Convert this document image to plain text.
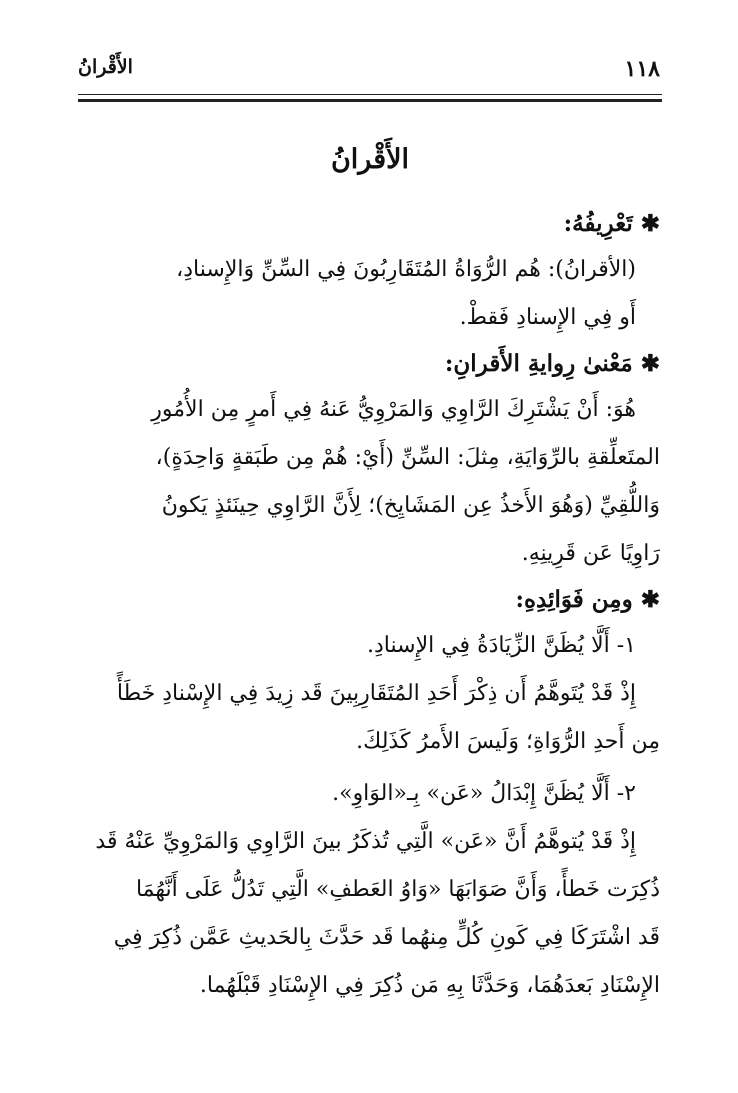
١١٨
الأَقْرانُ
الأَقْرانُ
✱تَعْرِيفُهُ:
(الأقرانُ): هُم الرُّوَاةُ المُتَقَارِبُونَ فِي السِّنِّ وَالإِسنادِ،
أَو فِي الإِسنادِ فَقطْ.
✱مَعْنىٰ رِوايةِ الأَقرانِ:
هُوَ: أَنْ يَشْتَرِكَ الرَّاوِي وَالمَرْوِيُّ عَنهُ فِي أَمرٍ مِن الأُمُورِ
المتَعلِّقةِ بالرِّوَايَةِ، مِثلَ: السِّنِّ (أَيْ: هُمْ مِن طَبَقةٍ وَاحِدَةٍ)،
وَاللُّقِيِّ (وَهُوَ الأَخذُ عِن المَشَايِخ)؛ لِأَنَّ الرَّاوِي حِينَئذٍ يَكونُ
رَاوِيًا عَن قَرِينِهِ.
✱ومِن فَوَائِدِهِ:
١- أَلَّا يُظَنَّ الزِّيَادَةُ فِي الإِسنادِ.
إِذْ قَدْ يُتَوهَّمُ أَن ذِكْرَ أَحَدِ المُتَقَارِبِينَ قَد زِيدَ فِي الإِسْنادِ خَطَأً
مِن أَحدِ الرُّوَاةِ؛ وَلَيسَ الأَمرُ كَذَلِكَ.
٢- أَلَّا يُظَنَّ إِبْدَالُ «عَن» بِـ«الوَاوِ».
إِذْ قَدْ يُتوهَّمُ أَنَّ «عَن» الَّتِي تُذكَرُ بينَ الرَّاوِي وَالمَرْوِيِّ عَنْهُ قَد
ذُكِرَت خَطأً، وَأَنَّ صَوَابَهَا «وَاوُ العَطفِ» الَّتِي تَدُلُّ عَلَى أَنَّهُمَا
قَد اشْتَرَكَا فِي كَونِ كُلٍّ مِنهُما قَد حَدَّثَ بِالحَديثِ عَمَّن ذُكِرَ فِي
الإِسْنَادِ بَعدَهُمَا، وَحَدَّثَا بِهِ مَن ذُكِرَ فِي الإِسْنَادِ قَبْلَهُما.
